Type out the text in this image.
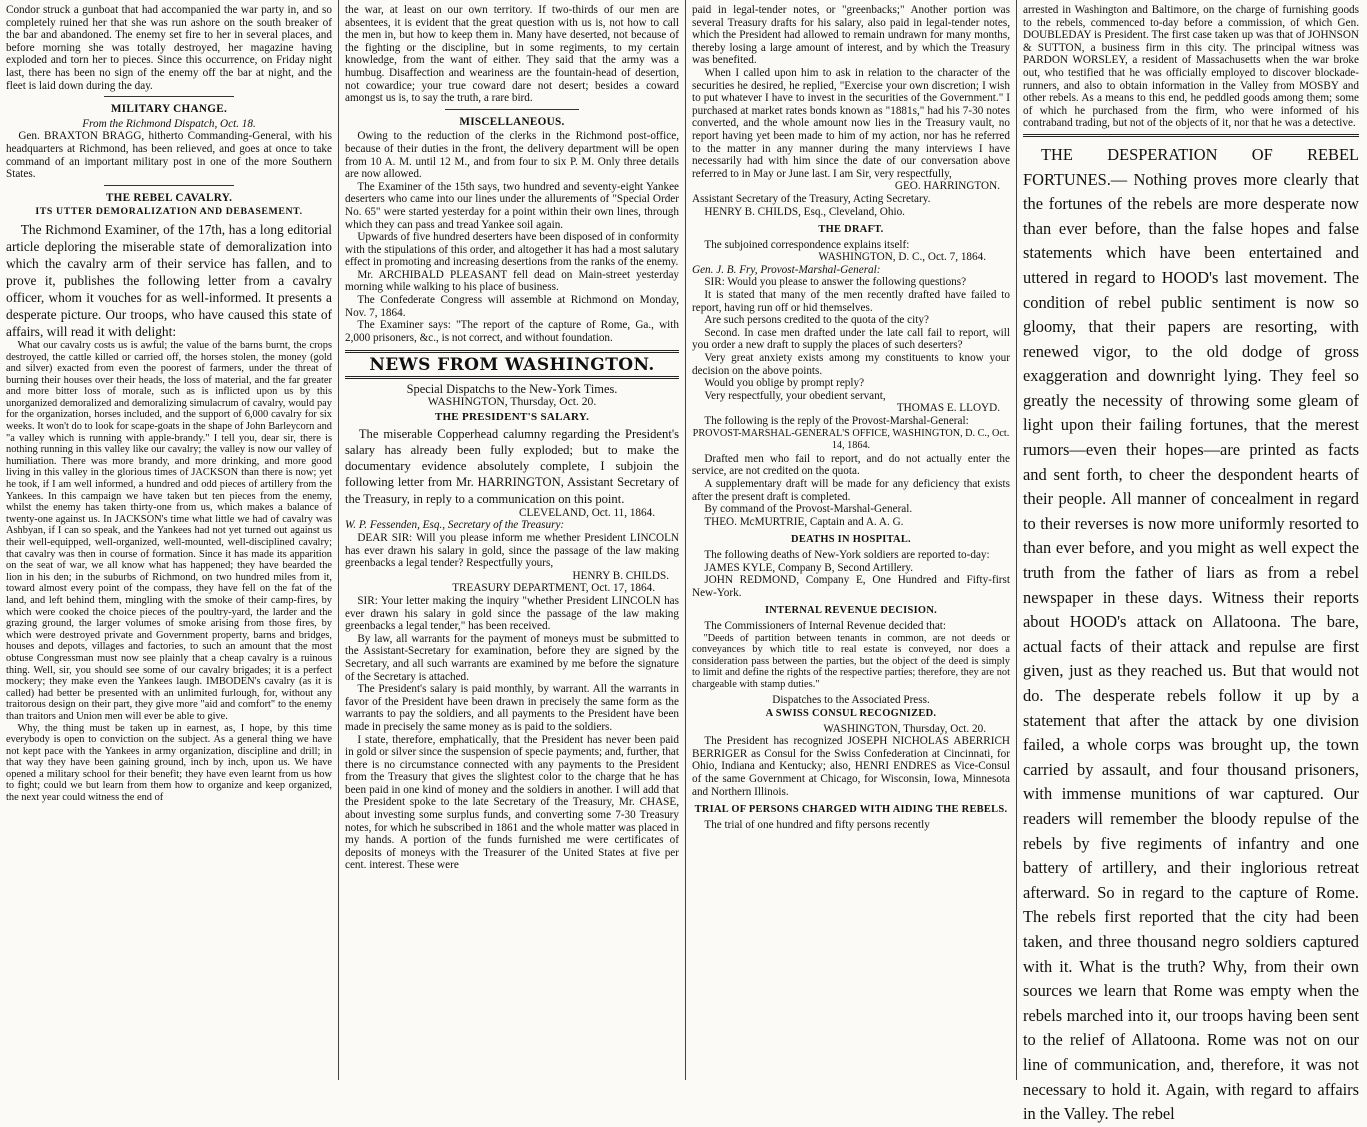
Condor struck a gunboat that had accompanied the war party in, and so completely ruined her that she was run ashore on the south breaker of the bar and abandoned. The enemy set fire to her in several places, and before morning she was totally destroyed, her magazine having exploded and torn her to pieces. Since this occurrence, on Friday night last, there has been no sign of the enemy off the bar at night, and the fleet is laid down during the day.

MILITARY CHANGE.
From the Richmond Dispatch, Oct. 18.

Gen. BRAXTON BRAGG, hitherto Commanding-General, with his headquarters at Richmond, has been relieved, and goes at once to take command of an important military post in one of the more Southern States.

THE REBEL CAVALRY.
ITS UTTER DEMORALIZATION AND DEBASEMENT.

The Richmond Examiner, of the 17th, has a long editorial article deploring the miserable state of demoralization into which the cavalry arm of their service has fallen, and to prove it, publishes the following letter from a cavalry officer, whom it vouches for as well-informed. It presents a desperate picture. Our troops, who have caused this state of affairs, will read it with delight:

What our cavalry costs us is awful; the value of the barns burnt, the crops destroyed, the cattle killed or carried off, the horses stolen, the money (gold and silver) exacted from even the poorest of farmers, under the threat of burning their houses over their heads, the loss of material, and the far greater and more bitter loss of morale, such as is inflicted upon us by this unorganized demoralized and demoralizing simulacrum of cavalry, would pay for the organization, horses included, and the support of 6,000 cavalry for six weeks. It won't do to look for scape-goats in the shape of John Barleycorn and "a valley which is running with apple-brandy." I tell you, dear sir, there is nothing running in this valley like our cavalry; the valley is now our valley of humiliation. There was more brandy, and more drinking, and more good living in this valley in the glorious times of JACKSON than there is now; yet he took, if I am well informed, a hundred and odd pieces of artillery from the Yankees. In this campaign we have taken but ten pieces from the enemy, whilst the enemy has taken thirty-one from us, which makes a balance of twenty-one against us. In JACKSON's time what little we had of cavalry was Ashbyan, if I can so speak, and the Yankees had not yet turned out against us their well-equipped, well-organized, well-mounted, well-disciplined cavalry; that cavalry was then in course of formation. Since it has made its apparition on the seat of war, we all know what has happened; they have bearded the lion in his den; in the suburbs of Richmond, on two hundred miles from it, toward almost every point of the compass, they have fell on the fat of the land, and left behind them, mingling with the smoke of their camp-fires, by which were cooked the choice pieces of the poultry-yard, the larder and the grazing ground, the larger volumes of smoke arising from those fires, by which were destroyed private and Government property, barns and bridges, houses and depots, villages and factories, to such an amount that the most obtuse Congressman must now see plainly that a cheap cavalry is a ruinous thing. Well, sir, you should see some of our cavalry brigades; it is a perfect mockery; they make even the Yankees laugh. IMBODEN's cavalry (as it is called) had better be presented with an unlimited furlough, for, without any traitorous design on their part, they give more "aid and comfort" to the enemy than traitors and Union men will ever be able to give.

Why, the thing must be taken up in earnest, as, I hope, by this time everybody is open to conviction on the subject. As a general thing we have not kept pace with the Yankees in army organization, discipline and drill; in that way they have been gaining ground, inch by inch, upon us. We have opened a military school for their benefit; they have even learnt from us how to fight; could we but learn from them how to organize and keep organized, the next year could witness the end of

the war, at least on our own territory. If two-thirds of our men are absentees, it is evident that the great question with us is, not how to call the men in, but how to keep them in. Many have deserted, not because of the fighting or the discipline, but in some regiments, to my certain knowledge, from the want of either. They said that the army was a humbug. Disaffection and weariness are the fountain-head of desertion, not cowardice; your true coward dare not desert; besides a coward amongst us is, to say the truth, a rare bird.

MISCELLANEOUS.

Owing to the reduction of the clerks in the Richmond post-office, because of their duties in the front, the delivery department will be open from 10 A. M. until 12 M., and from four to six P. M. Only three details are now allowed.

The Examiner of the 15th says, two hundred and seventy-eight Yankee deserters who came into our lines under the allurements of "Special Order No. 65" were started yesterday for a point within their own lines, through which they can pass and tread Yankee soil again.

Upwards of five hundred deserters have been disposed of in conformity with the stipulations of this order, and altogether it has had a most salutary effect in promoting and increasing desertions from the ranks of the enemy.

Mr. ARCHIBALD PLEASANT fell dead on Main-street yesterday morning while walking to his place of business.

The Confederate Congress will assemble at Richmond on Monday, Nov. 7, 1864.

The Examiner says: "The report of the capture of Rome, Ga., with 2,000 prisoners, &c., is not correct, and without foundation.

NEWS FROM WASHINGTON.
Special Dispatchs to the New-York Times.
WASHINGTON, Thursday, Oct. 20.
THE PRESIDENT'S SALARY.

The miserable Copperhead calumny regarding the President's salary has already been fully exploded; but to make the documentary evidence absolutely complete, I subjoin the following letter from Mr. HARRINGTON, Assistant Secretary of the Treasury, in reply to a communication on this point.

CLEVELAND, Oct. 11, 1864.

W. P. Fessenden, Esq., Secretary of the Treasury:

DEAR SIR: Will you please inform me whether President LINCOLN has ever drawn his salary in gold, since the passage of the law making greenbacks a legal tender? Respectfully yours,

HENRY B. CHILDS.
TREASURY DEPARTMENT, Oct. 17, 1864.

SIR: Your letter making the inquiry "whether President LINCOLN has ever drawn his salary in gold since the passage of the law making greenbacks a legal tender," has been received.

By law, all warrants for the payment of moneys must be submitted to the Assistant-Secretary for examination, before they are signed by the Secretary, and all such warrants are examined by me before the signature of the Secretary is attached.

The President's salary is paid monthly, by warrant. All the warrants in favor of the President have been drawn in precisely the same form as the warrants to pay the soldiers, and all payments to the President have been made in precisely the same money as is paid to the soldiers.

I state, therefore, emphatically, that the President has never been paid in gold or silver since the suspension of specie payments; and, further, that there is no circumstance connected with any payments to the President from the Treasury that gives the slightest color to the charge that he has been paid in one kind of money and the soldiers in another. I will add that the President spoke to the late Secretary of the Treasury, Mr. CHASE, about investing some surplus funds, and converting some 7-30 Treasury notes, for which he subscribed in 1861 and the whole matter was placed in my hands. A portion of the funds furnished me were certificates of deposits of moneys with the Treasurer of the United States at five per cent. interest. These were

paid in legal-tender notes, or "greenbacks;" Another portion was several Treasury drafts for his salary, also paid in legal-tender notes, which the President had allowed to remain undrawn for many months, thereby losing a large amount of interest, and by which the Treasury was benefited.

When I called upon him to ask in relation to the character of the securities he desired, he replied, "Exercise your own discretion; I wish to put whatever I have to invest in the securities of the Government." I purchased at market rates bonds known as "1881s," had his 7-30 notes converted, and the whole amount now lies in the Treasury vault, no report having yet been made to him of my action, nor has he referred to the matter in any manner during the many interviews I have necessarily had with him since the date of our conversation above referred to in May or June last. I am Sir, very respectfully,

GEO. HARRINGTON.

Assistant Secretary of the Treasury, Acting Secretary.

HENRY B. CHILDS, Esq., Cleveland, Ohio.

THE DRAFT.

The subjoined correspondence explains itself:

WASHINGTON, D. C., Oct. 7, 1864.

Gen. J. B. Fry, Provost-Marshal-General:

SIR: Would you please to answer the following questions?

It is stated that many of the men recently drafted have failed to report, having run off or hid themselves.

Are such persons credited to the quota of the city?

Second. In case men drafted under the late call fail to report, will you order a new draft to supply the places of such deserters?

Very great anxiety exists among my constituents to know your decision on the above points.

Would you oblige by prompt reply?

Very respectfully, your obedient servant,

THOMAS E. LLOYD.

The following is the reply of the Provost-Marshal-General:

PROVOST-MARSHAL-GENERAL'S OFFICE, WASHINGTON, D. C., Oct. 14, 1864.

Drafted men who fail to report, and do not actually enter the service, are not credited on the quota.

A supplementary draft will be made for any deficiency that exists after the present draft is completed.

By command of the Provost-Marshal-General.

THEO. McMURTRIE, Captain and A. A. G.

DEATHS IN HOSPITAL.

The following deaths of New-York soldiers are reported to-day:

JAMES KYLE, Company B, Second Artillery.

JOHN REDMOND, Company E, One Hundred and Fifty-first New-York.

INTERNAL REVENUE DECISION.

The Commissioners of Internal Revenue decided that:

"Deeds of partition between tenants in common, are not deeds or conveyances by which title to real estate is conveyed, nor does a consideration pass between the parties, but the object of the deed is simply to limit and define the rights of the respective parties; therefore, they are not chargeable with stamp duties."

Dispatches to the Associated Press.
A SWISS CONSUL RECOGNIZED.
WASHINGTON, Thursday, Oct. 20.

The President has recognized JOSEPH NICHOLAS ABERRICH BERRIGER as Consul for the Swiss Confederation at Cincinnati, for Ohio, Indiana and Kentucky; also, HENRI ENDRES as Vice-Consul of the same Government at Chicago, for Wisconsin, Iowa, Minnesota and Northern Illinois.

TRIAL OF PERSONS CHARGED WITH AIDING THE REBELS.

The trial of one hundred and fifty persons recently

arrested in Washington and Baltimore, on the charge of furnishing goods to the rebels, commenced to-day before a commission, of which Gen. DOUBLEDAY is President. The first case taken up was that of JOHNSON & SUTTON, a business firm in this city. The principal witness was PARDON WORSLEY, a resident of Massachusetts when the war broke out, who testified that he was officially employed to discover blockade-runners, and also to obtain information in the Valley from MOSBY and other rebels. As a means to this end, he peddled goods among them; some of which he purchased from the firm, who were informed of his contraband trading, but not of the objects of it, nor that he was a detective.

THE DESPERATION OF REBEL FORTUNES.— Nothing proves more clearly that the fortunes of the rebels are more desperate now than ever before, than the false hopes and false statements which have been entertained and uttered in regard to HOOD's last movement. The condition of rebel public sentiment is now so gloomy, that their papers are resorting, with renewed vigor, to the old dodge of gross exaggeration and downright lying. They feel so greatly the necessity of throwing some gleam of light upon their failing fortunes, that the merest rumors—even their hopes—are printed as facts and sent forth, to cheer the despondent hearts of their people. All manner of concealment in regard to their reverses is now more uniformly resorted to than ever before, and you might as well expect the truth from the father of liars as from a rebel newspaper in these days. Witness their reports about HOOD's attack on Allatoona. The bare, actual facts of their attack and repulse are first given, just as they reached us. But that would not do. The desperate rebels follow it up by a statement that after the attack by one division failed, a whole corps was brought up, the town carried by assault, and four thousand prisoners, with immense munitions of war captured. Our readers will remember the bloody repulse of the rebels by five regiments of infantry and one battery of artillery, and their inglorious retreat afterward. So in regard to the capture of Rome. The rebels first reported that the city had been taken, and three thousand negro soldiers captured with it. What is the truth? Why, from their own sources we learn that Rome was empty when the rebels marched into it, our troops having been sent to the relief of Allatoona. Rome was not on our line of communication, and, therefore, it was not necessary to hold it. Again, with regard to affairs in the Valley. The rebel
